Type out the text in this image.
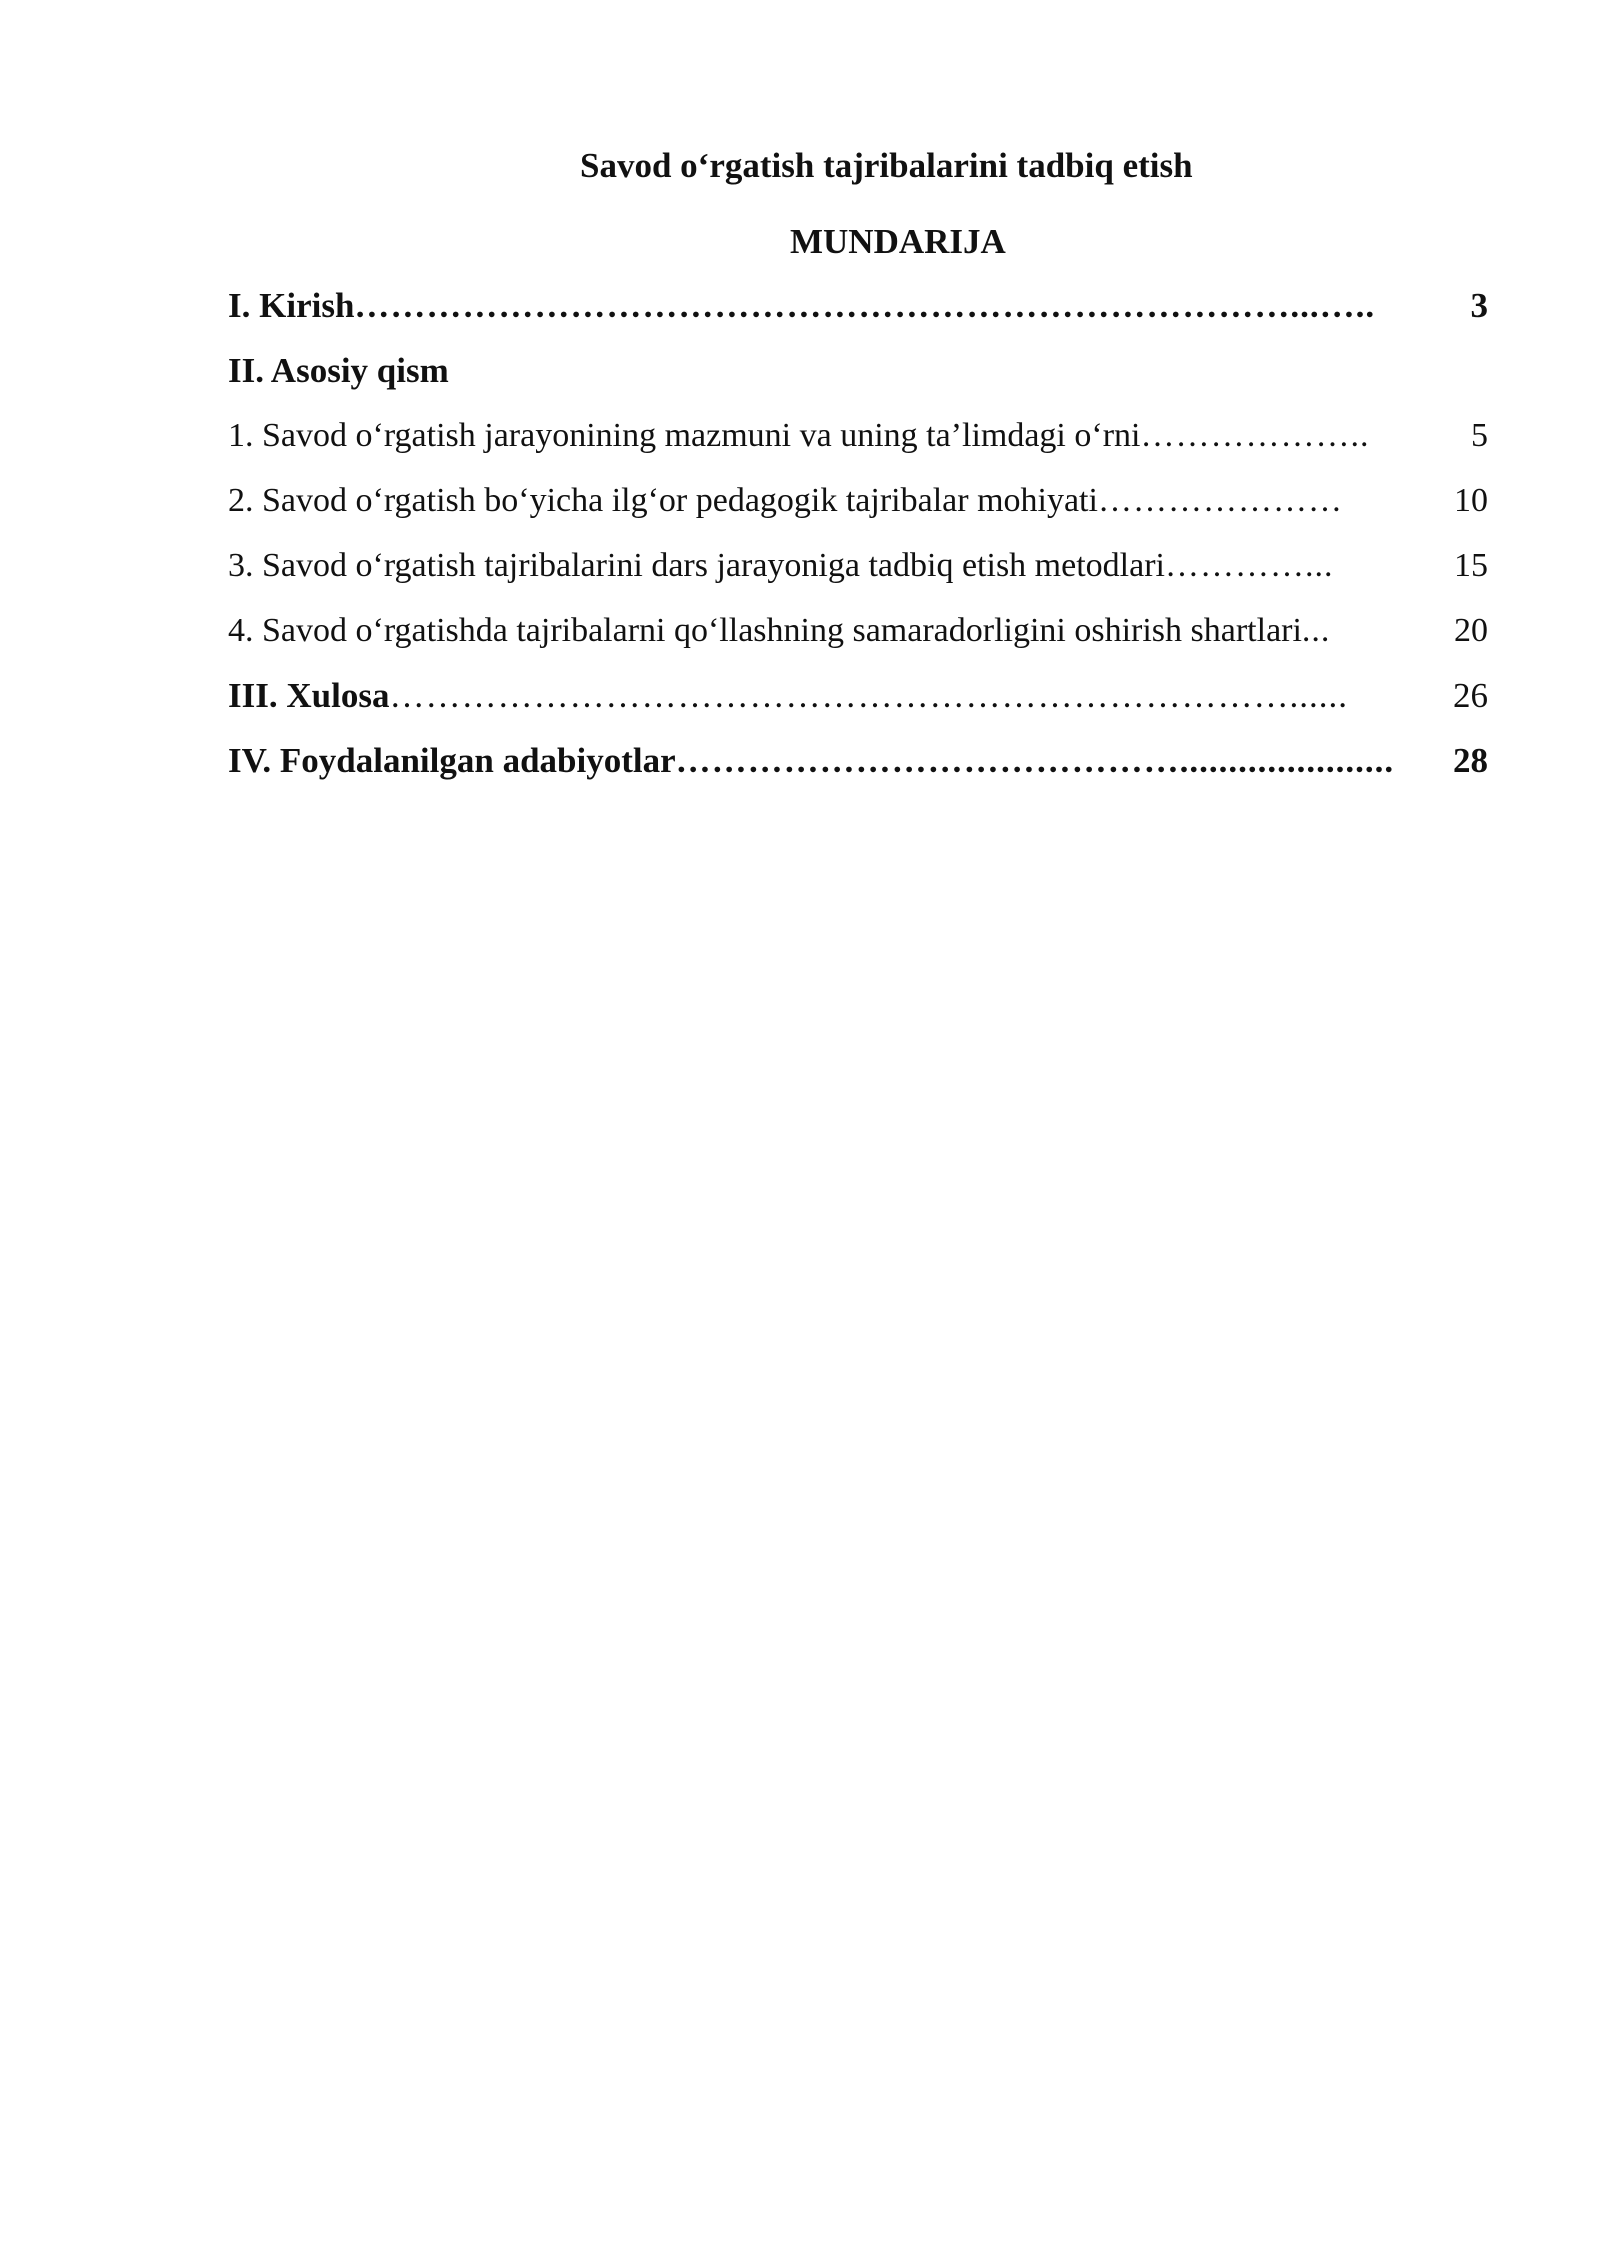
Savod o‘rgatish tajribalarini tadbiq etish
MUNDARIJA
I. Kirish ……………………………………………………………………...…..	3
II. Asosiy qism
1. Savod o‘rgatish jarayonining mazmuni va uning ta’limdagi o‘rni ………………..	5
2. Savod o‘rgatish bo‘yicha ilg‘or pedagogik tajribalar mohiyati …………………	10
3. Savod o‘rgatish tajribalarini dars jarayoniga tadbiq etish metodlari …………...	15
4. Savod o‘rgatishda tajribalarni qo‘llashning samaradorligini oshirish shartlari ...	20
III. Xulosa …………………………………………………………………......	26
IV. Foydalanilgan adabiyotlar ……………………………………......................	28
